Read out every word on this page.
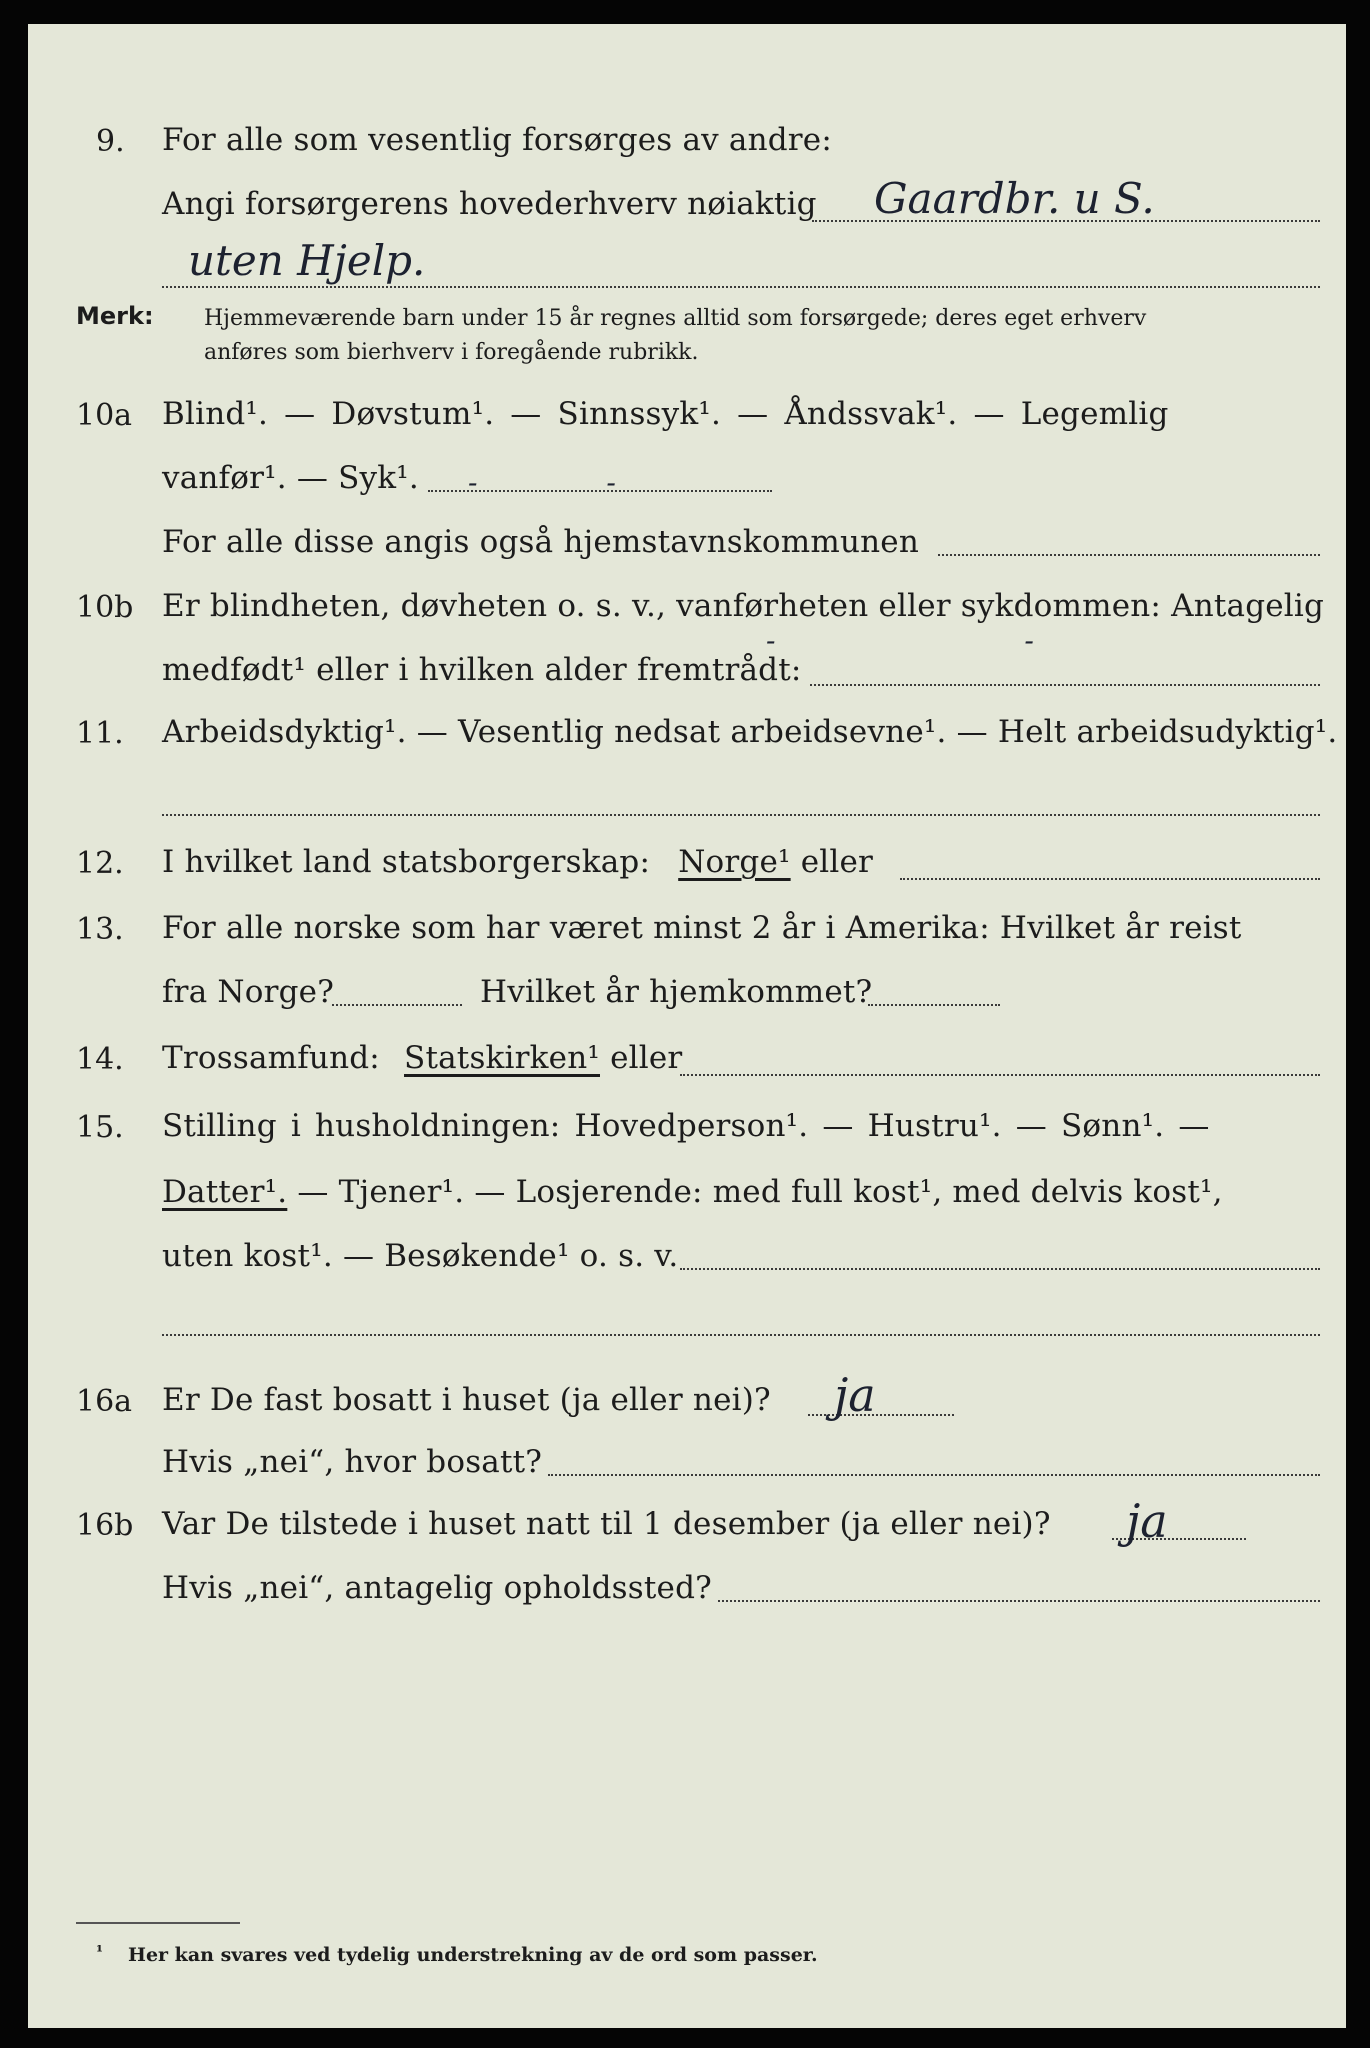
9. For alle som vesentlig forsørges av andre:

Angi forsørgerens hovederhverv nøiaktig Gaardbr. u S.
uten Hjelp.
Merk: Hjemmeværende barn under 15 år regnes alltid som forsørgede; deres eget erhverv

anføres som bierhverv i foregående rubrikk.

10a Blind¹. — Døvstum¹. — Sinnssyk¹. — Åndssvak¹. — Legemlig

vanfør¹. — Syk¹. - -

For alle disse angis også hjemstavnskommunen

10b Er blindheten, døvheten o. s. v., vanførheten eller sykdommen: Antagelig

medfødt¹ eller i hvilken alder fremtrådt:

- -
11. Arbeidsdyktig¹. — Vesentlig nedsat arbeidsevne¹. — Helt arbeidsudyktig¹.

12. I hvilket land statsborgerskap: Norge¹ eller

13. For alle norske som har været minst 2 år i Amerika: Hvilket år reist

fra Norge?	Hvilket år hjemkommet?
14. Trossamfund: Statskirken¹ eller

15. Stilling i husholdningen: Hovedperson¹. — Hustru¹. — Sønn¹. —

Datter¹. — Tjener¹. — Losjerende: med full kost¹, med delvis kost¹,

uten kost¹. — Besøkende¹ o. s. v.

16a Er De fast bosatt i huset (ja eller nei)? ja

Hvis „nei“, hvor bosatt?

16b Var De tilstede i huset natt til 1 desember (ja eller nei)? ja

Hvis „nei“, antagelig opholdssted?

¹ Her kan svares ved tydelig understrekning av de ord som passer.
